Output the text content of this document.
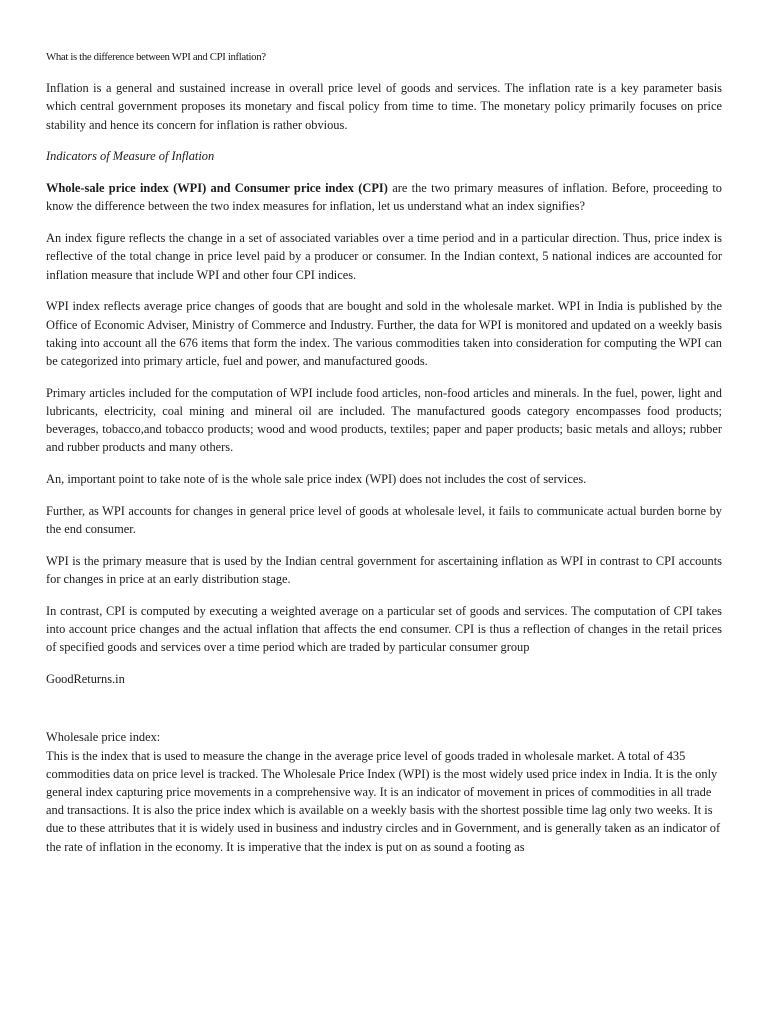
What is the difference between WPI and CPI inflation?

Inflation is a general and sustained increase in overall price level of goods and services. The inflation rate is a key parameter basis which central government proposes its monetary and fiscal policy from time to time. The monetary policy primarily focuses on price stability and hence its concern for inflation is rather obvious.

Indicators of Measure of Inflation

Whole-sale price index (WPI) and Consumer price index (CPI) are the two primary measures of inflation. Before, proceeding to know the difference between the two index measures for inflation, let us understand what an index signifies?

An index figure reflects the change in a set of associated variables over a time period and in a particular direction. Thus, price index is reflective of the total change in price level paid by a producer or consumer. In the Indian context, 5 national indices are accounted for inflation measure that include WPI and other four CPI indices.

WPI index reflects average price changes of goods that are bought and sold in the wholesale market. WPI in India is published by the Office of Economic Adviser, Ministry of Commerce and Industry. Further, the data for WPI is monitored and updated on a weekly basis taking into account all the 676 items that form the index. The various commodities taken into consideration for computing the WPI can be categorized into primary article, fuel and power, and manufactured goods.

Primary articles included for the computation of WPI include food articles, non-food articles and minerals. In the fuel, power, light and lubricants, electricity, coal mining and mineral oil are included. The manufactured goods category encompasses food products; beverages, tobacco,and tobacco products; wood and wood products, textiles; paper and paper products; basic metals and alloys; rubber and rubber products and many others.

An, important point to take note of is the whole sale price index (WPI) does not includes the cost of services.

Further, as WPI accounts for changes in general price level of goods at wholesale level, it fails to communicate actual burden borne by the end consumer.

WPI is the primary measure that is used by the Indian central government for ascertaining inflation as WPI in contrast to CPI accounts for changes in price at an early distribution stage.

In contrast, CPI is computed by executing a weighted average on a particular set of goods and services. The computation of CPI takes into account price changes and the actual inflation that affects the end consumer. CPI is thus a reflection of changes in the retail prices of specified goods and services over a time period which are traded by particular consumer group

GoodReturns.in
Wholesale price index:

This is the index that is used to measure the change in the average price level of goods traded in wholesale market. A total of 435 commodities data on price level is tracked. The Wholesale Price Index (WPI) is the most widely used price index in India. It is the only general index capturing price movements in a comprehensive way. It is an indicator of movement in prices of commodities in all trade and transactions. It is also the price index which is available on a weekly basis with the shortest possible time lag only two weeks. It is due to these attributes that it is widely used in business and industry circles and in Government, and is generally taken as an indicator of the rate of inflation in the economy. It is imperative that the index is put on as sound a footing as
